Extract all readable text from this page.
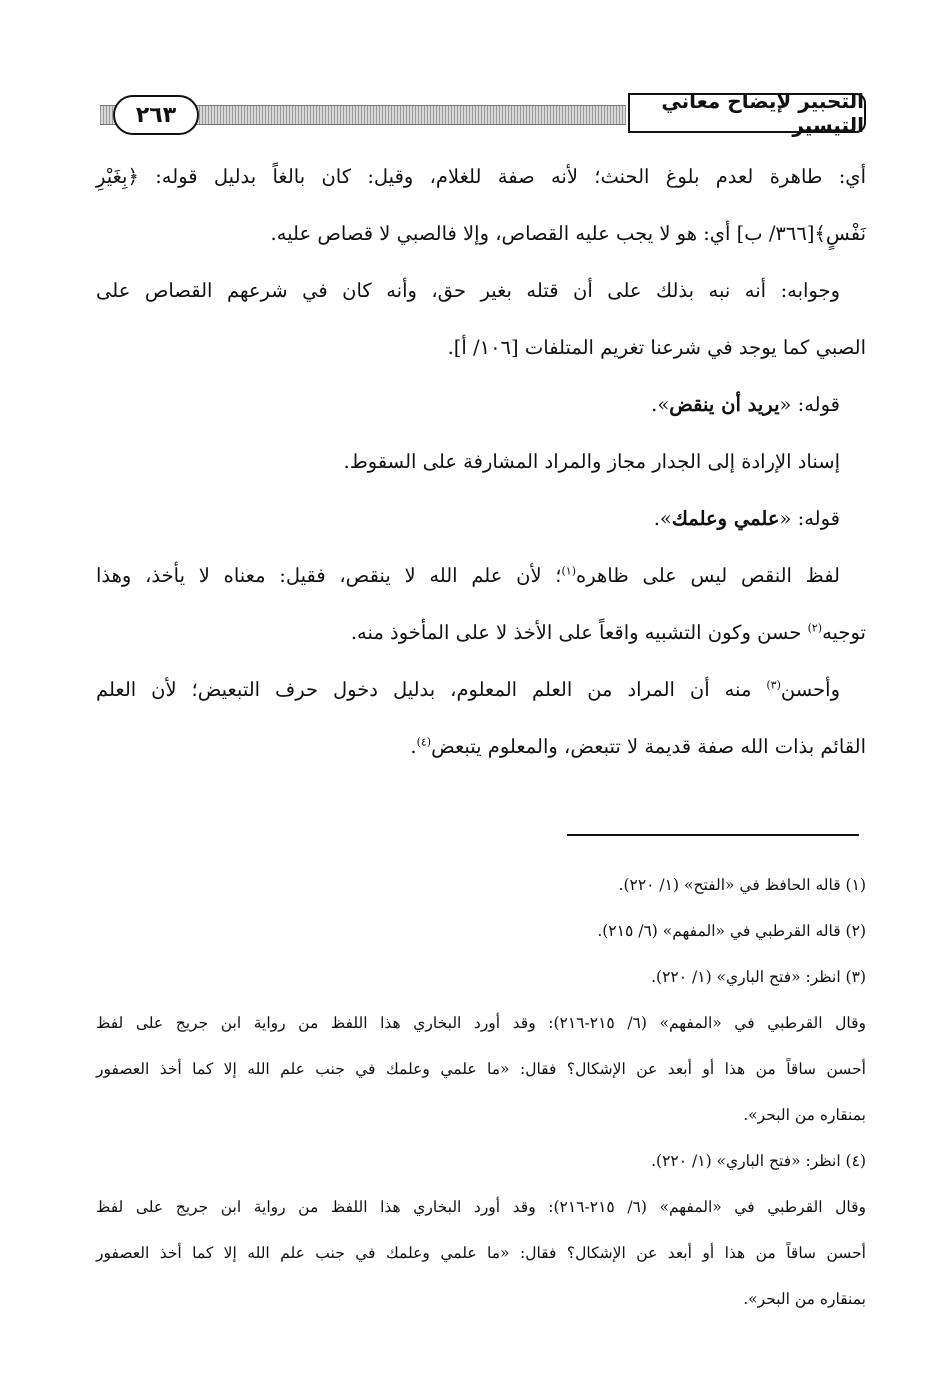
٢٦٣
التحبير لإيضاح معاني التيسير

أي: طاهرة لعدم بلوغ الحنث؛ لأنه صفة للغلام، وقيل: كان بالغاً بدليل قوله: ﴿بِغَيْرِ

نَفْسٍ﴾[٣٦٦/ ب] أي: هو لا يجب عليه القصاص، وإلا فالصبي لا قصاص عليه.

وجوابه: أنه نبه بذلك على أن قتله بغير حق، وأنه كان في شرعهم القصاص على

الصبي كما يوجد في شرعنا تغريم المتلفات [١٠٦/ أ].

قوله: «يريد أن ينقض».

إسناد الإرادة إلى الجدار مجاز والمراد المشارفة على السقوط.

قوله: «علمي وعلمك».

لفظ النقص ليس على ظاهره$^{(١)}$؛ لأن علم الله لا ينقص، فقيل: معناه لا يأخذ، وهذا

توجيه$^{(٢)}$ حسن وكون التشبيه واقعاً على الأخذ لا على المأخوذ منه.

وأحسن$^{(٣)}$ منه أن المراد من العلم المعلوم، بدليل دخول حرف التبعيض؛ لأن العلم

القائم بذات الله صفة قديمة لا تتبعض، والمعلوم يتبعض$^{(٤)}$.

(١) قاله الحافظ في «الفتح» (١/ ٢٢٠).

(٢) قاله القرطبي في «المفهم» (٦/ ٢١٥).

(٣) انظر: «فتح الباري» (١/ ٢٢٠).

وقال القرطبي في «المفهم» (٦/ ٢١٥-٢١٦): وقد أورد البخاري هذا اللفظ من رواية ابن جريج على لفظ

أحسن ساقاً من هذا أو أبعد عن الإشكال؟ فقال: «ما علمي وعلمك في جنب علم الله إلا كما أخذ العصفور

بمنقاره من البحر».

(٤) انظر: «فتح الباري» (١/ ٢٢٠).

وقال القرطبي في «المفهم» (٦/ ٢١٥-٢١٦): وقد أورد البخاري هذا اللفظ من رواية ابن جريج على لفظ

أحسن ساقاً من هذا أو أبعد عن الإشكال؟ فقال: «ما علمي وعلمك في جنب علم الله إلا كما أخذ العصفور

بمنقاره من البحر».
